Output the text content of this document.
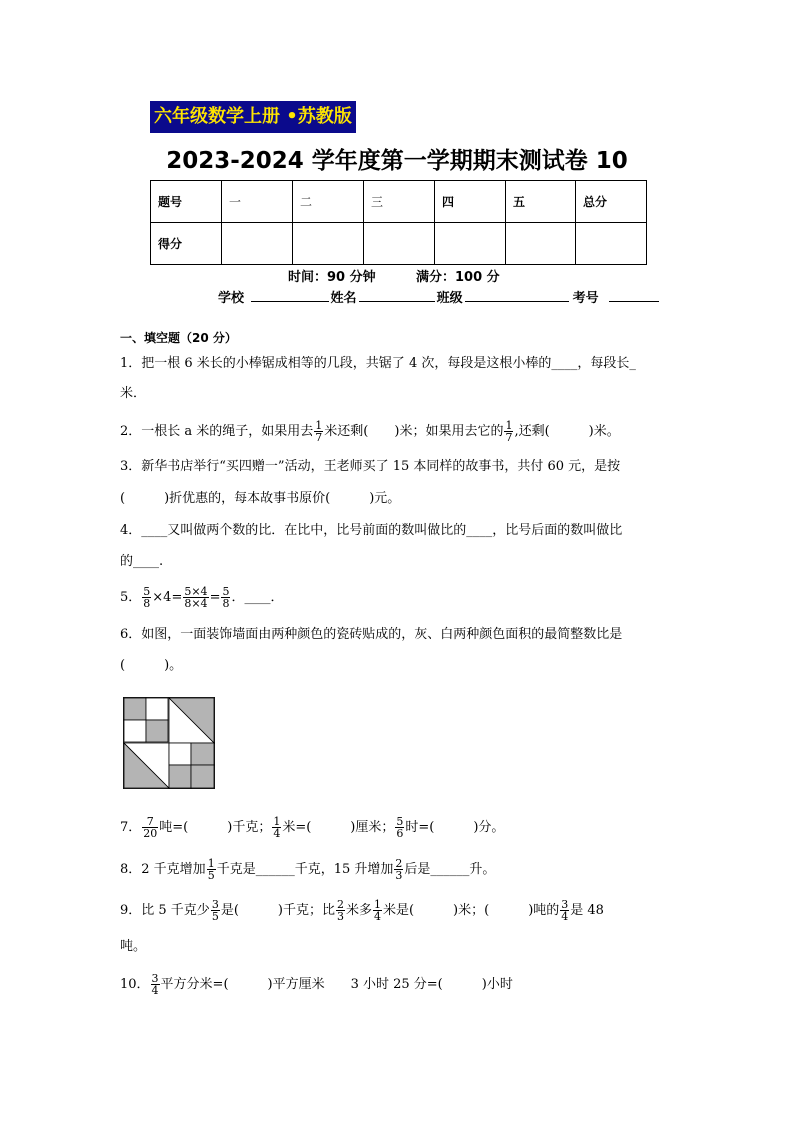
六年级数学上册 •苏教版
2023-2024 学年度第一学期期末测试卷 10
题号	一	二	三	四	五	总分
得分						
时间：90 分钟	满分：100 分
学校	姓名	班级	考号
一、填空题（20 分）
1．把一根 6 米长的小棒锯成相等的几段，共锯了 4 次，每段是这根小棒的____，每段长_
米．
2．一根长 a 米的绳子，如果用去 $\frac{1}{7}$ 米还剩(　　)米；如果用去它的 $\frac{1}{7}$ ,还剩(　　　)米。
3．新华书店举行“买四赠一”活动，王老师买了 15 本同样的故事书，共付 60 元，是按
(　　　)折优惠的，每本故事书原价(　　　)元。
4．____又叫做两个数的比．在比中，比号前面的数叫做比的____，比号后面的数叫做比
的____.
5． $\frac{5}{8} \times 4= \frac{5\times 4}{8\times 4} = \frac{5}{8}$ ．____．
6．如图，一面装饰墙面由两种颜色的瓷砖贴成的，灰、白两种颜色面积的最简整数比是
(　　　)。
7． $\frac{7}{20}$ 吨=(　　　)千克； $\frac{1}{4}$ 米=(　　　)厘米； $\frac{5}{6}$ 时=(　　　)分。
8．2 千克增加 $\frac{1}{5}$ 千克是______千克，15 升增加 $\frac{2}{3}$ 后是______升。
9．比 5 千克少 $\frac{3}{5}$ 是(　　　)千克；比 $\frac{2}{3}$ 米多 $\frac{1}{4}$ 米是(　　　)米；(　　　)吨的 $\frac{3}{4}$ 是 48
吨。
10． $\frac{3}{4}$ 平方分米=(　　　)平方厘米　　3 小时 25 分=(　　　)小时
